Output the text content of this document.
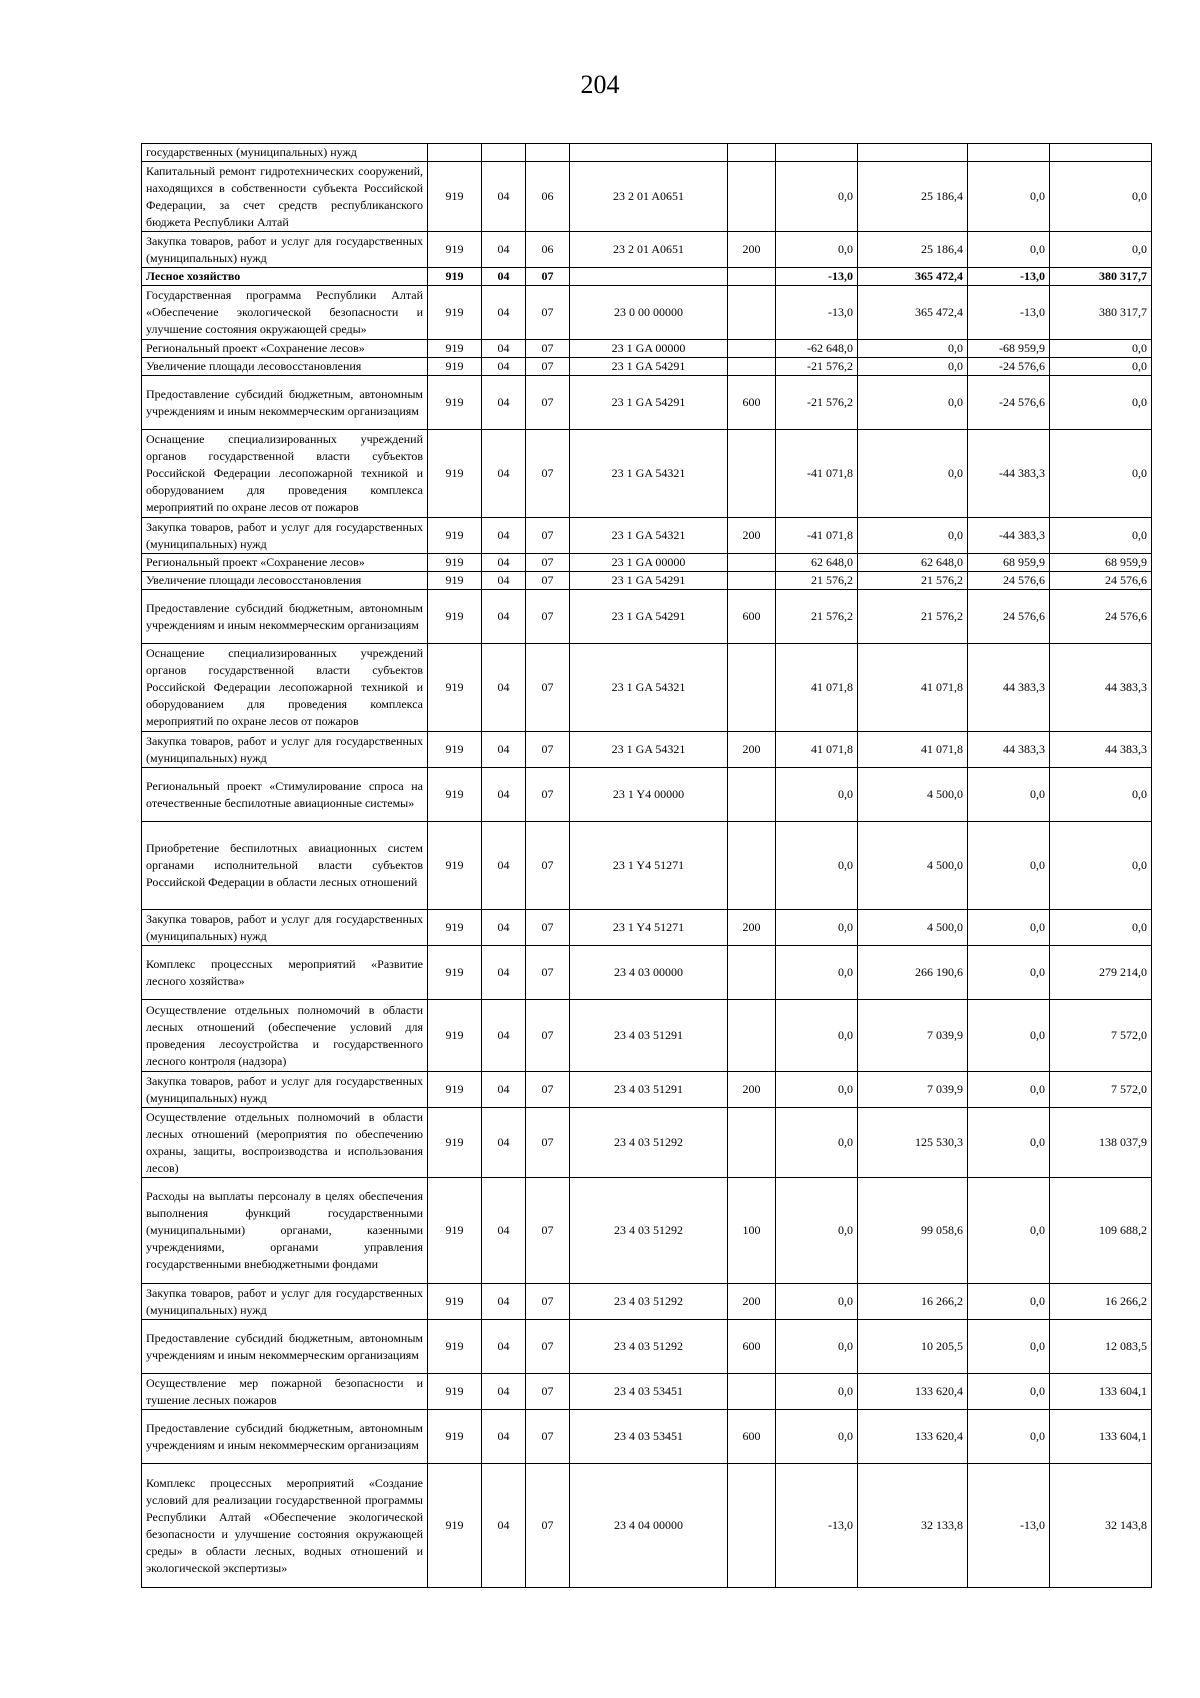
204
государственных (муниципальных) нужд									
Капитальный ремонт гидротехнических сооружений, находящихся в собственности субъекта Российской Федерации, за счет средств республиканского бюджета Республики Алтай	919	04	06	23 2 01 A0651		0,0	25 186,4	0,0	0,0
Закупка товаров, работ и услуг для государственных (муниципальных) нужд	919	04	06	23 2 01 A0651	200	0,0	25 186,4	0,0	0,0
Лесное хозяйство	919	04	07			-13,0	365 472,4	-13,0	380 317,7
Государственная программа Республики Алтай «Обеспечение экологической безопасности и улучшение состояния окружающей среды»	919	04	07	23 0 00 00000		-13,0	365 472,4	-13,0	380 317,7
Региональный проект «Сохранение лесов»	919	04	07	23 1 GA 00000		-62 648,0	0,0	-68 959,9	0,0
Увеличение площади лесовосстановления	919	04	07	23 1 GA 54291		-21 576,2	0,0	-24 576,6	0,0
Предоставление субсидий бюджетным, автономным учреждениям и иным некоммерческим организациям	919	04	07	23 1 GA 54291	600	-21 576,2	0,0	-24 576,6	0,0
Оснащение специализированных учреждений органов государственной власти субъектов Российской Федерации лесопожарной техникой и оборудованием для проведения комплекса мероприятий по охране лесов от пожаров	919	04	07	23 1 GA 54321		-41 071,8	0,0	-44 383,3	0,0
Закупка товаров, работ и услуг для государственных (муниципальных) нужд	919	04	07	23 1 GA 54321	200	-41 071,8	0,0	-44 383,3	0,0
Региональный проект «Сохранение лесов»	919	04	07	23 1 GA 00000		62 648,0	62 648,0	68 959,9	68 959,9
Увеличение площади лесовосстановления	919	04	07	23 1 GA 54291		21 576,2	21 576,2	24 576,6	24 576,6
Предоставление субсидий бюджетным, автономным учреждениям и иным некоммерческим организациям	919	04	07	23 1 GA 54291	600	21 576,2	21 576,2	24 576,6	24 576,6
Оснащение специализированных учреждений органов государственной власти субъектов Российской Федерации лесопожарной техникой и оборудованием для проведения комплекса мероприятий по охране лесов от пожаров	919	04	07	23 1 GA 54321		41 071,8	41 071,8	44 383,3	44 383,3
Закупка товаров, работ и услуг для государственных (муниципальных) нужд	919	04	07	23 1 GA 54321	200	41 071,8	41 071,8	44 383,3	44 383,3
Региональный проект «Стимулирование спроса на отечественные беспилотные авиационные системы»	919	04	07	23 1 Y4 00000		0,0	4 500,0	0,0	0,0
Приобретение беспилотных авиационных систем органами исполнительной власти субъектов Российской Федерации в области лесных отношений	919	04	07	23 1 Y4 51271		0,0	4 500,0	0,0	0,0
Закупка товаров, работ и услуг для государственных (муниципальных) нужд	919	04	07	23 1 Y4 51271	200	0,0	4 500,0	0,0	0,0
Комплекс процессных мероприятий «Развитие лесного хозяйства»	919	04	07	23 4 03 00000		0,0	266 190,6	0,0	279 214,0
Осуществление отдельных полномочий в области лесных отношений (обеспечение условий для проведения лесоустройства и государственного лесного контроля (надзора)	919	04	07	23 4 03 51291		0,0	7 039,9	0,0	7 572,0
Закупка товаров, работ и услуг для государственных (муниципальных) нужд	919	04	07	23 4 03 51291	200	0,0	7 039,9	0,0	7 572,0
Осуществление отдельных полномочий в области лесных отношений (мероприятия по обеспечению охраны, защиты, воспроизводства и использования лесов)	919	04	07	23 4 03 51292		0,0	125 530,3	0,0	138 037,9
Расходы на выплаты персоналу в целях обеспечения выполнения функций государственными (муниципальными) органами, казенными учреждениями, органами управления государственными внебюджетными фондами	919	04	07	23 4 03 51292	100	0,0	99 058,6	0,0	109 688,2
Закупка товаров, работ и услуг для государственных (муниципальных) нужд	919	04	07	23 4 03 51292	200	0,0	16 266,2	0,0	16 266,2
Предоставление субсидий бюджетным, автономным учреждениям и иным некоммерческим организациям	919	04	07	23 4 03 51292	600	0,0	10 205,5	0,0	12 083,5
Осуществление мер пожарной безопасности и тушение лесных пожаров	919	04	07	23 4 03 53451		0,0	133 620,4	0,0	133 604,1
Предоставление субсидий бюджетным, автономным учреждениям и иным некоммерческим организациям	919	04	07	23 4 03 53451	600	0,0	133 620,4	0,0	133 604,1
Комплекс процессных мероприятий «Создание условий для реализации государственной программы Республики Алтай «Обеспечение экологической безопасности и улучшение состояния окружающей среды» в области лесных, водных отношений и экологической экспертизы»	919	04	07	23 4 04 00000		-13,0	32 133,8	-13,0	32 143,8
